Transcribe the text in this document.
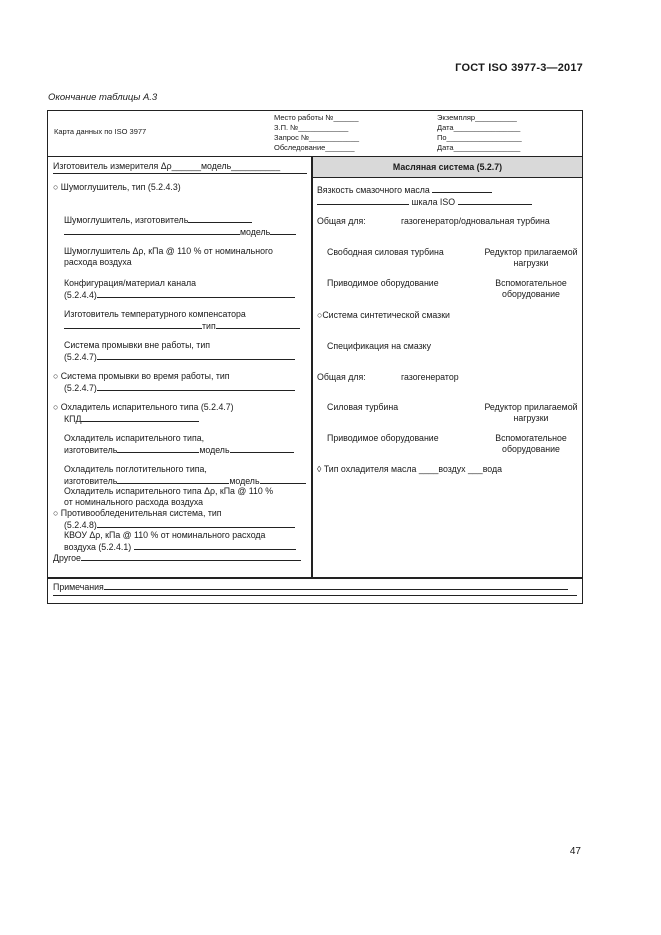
ГОСТ ISO 3977-3—2017
Окончание таблицы А.3
Карта данных по ISO 3977
Место работы №______
З.П. №____________
Запрос №____________
Обследование_______
Экземпляр__________
Дата________________
По__________________
Дата________________
Изготовитель измерителя Δρ______модель__________
○ Шумоглушитель, тип (5.2.4.3)
Шумоглушитель, изготовитель
модель
Шумоглушитель Δρ, кПа @ 110 % от номинального
расхода воздуха
Конфигурация/материал канала
(5.2.4.4)
Изготовитель температурного компенсатора
тип
Система промывки вне работы, тип
(5.2.4.7)
○ Система промывки во время работы, тип
(5.2.4.7)
○ Охладитель испарительного типа (5.2.4.7)
КПД
Охладитель испарительного типа,
изготовитель	модель
Охладитель поглотительного типа,
изготовитель	модель
Охладитель испарительного типа Δρ, кПа @ 110 %
от номинального расхода воздуха
○ Противообледенительная система, тип
(5.2.4.8)
КВОУ Δρ, кПа @ 110 % от номинального расхода
воздуха (5.2.4.1)
Другое
Масляная система (5.2.7)
Вязкость смазочного масла
шкала ISO
Общая для:	газогенератор/одновальная турбина
Свободная силовая турбина	Редуктор прилагаемой нагрузки
Приводимое оборудование	Вспомогательное оборудование
○Система синтетической смазки
Спецификация на смазку
Общая для:	газогенератор
Силовая турбина	Редуктор прилагаемой нагрузки
Приводимое оборудование	Вспомогательное оборудование
◊ Тип охладителя масла ____воздух ___вода
Примечания
47
